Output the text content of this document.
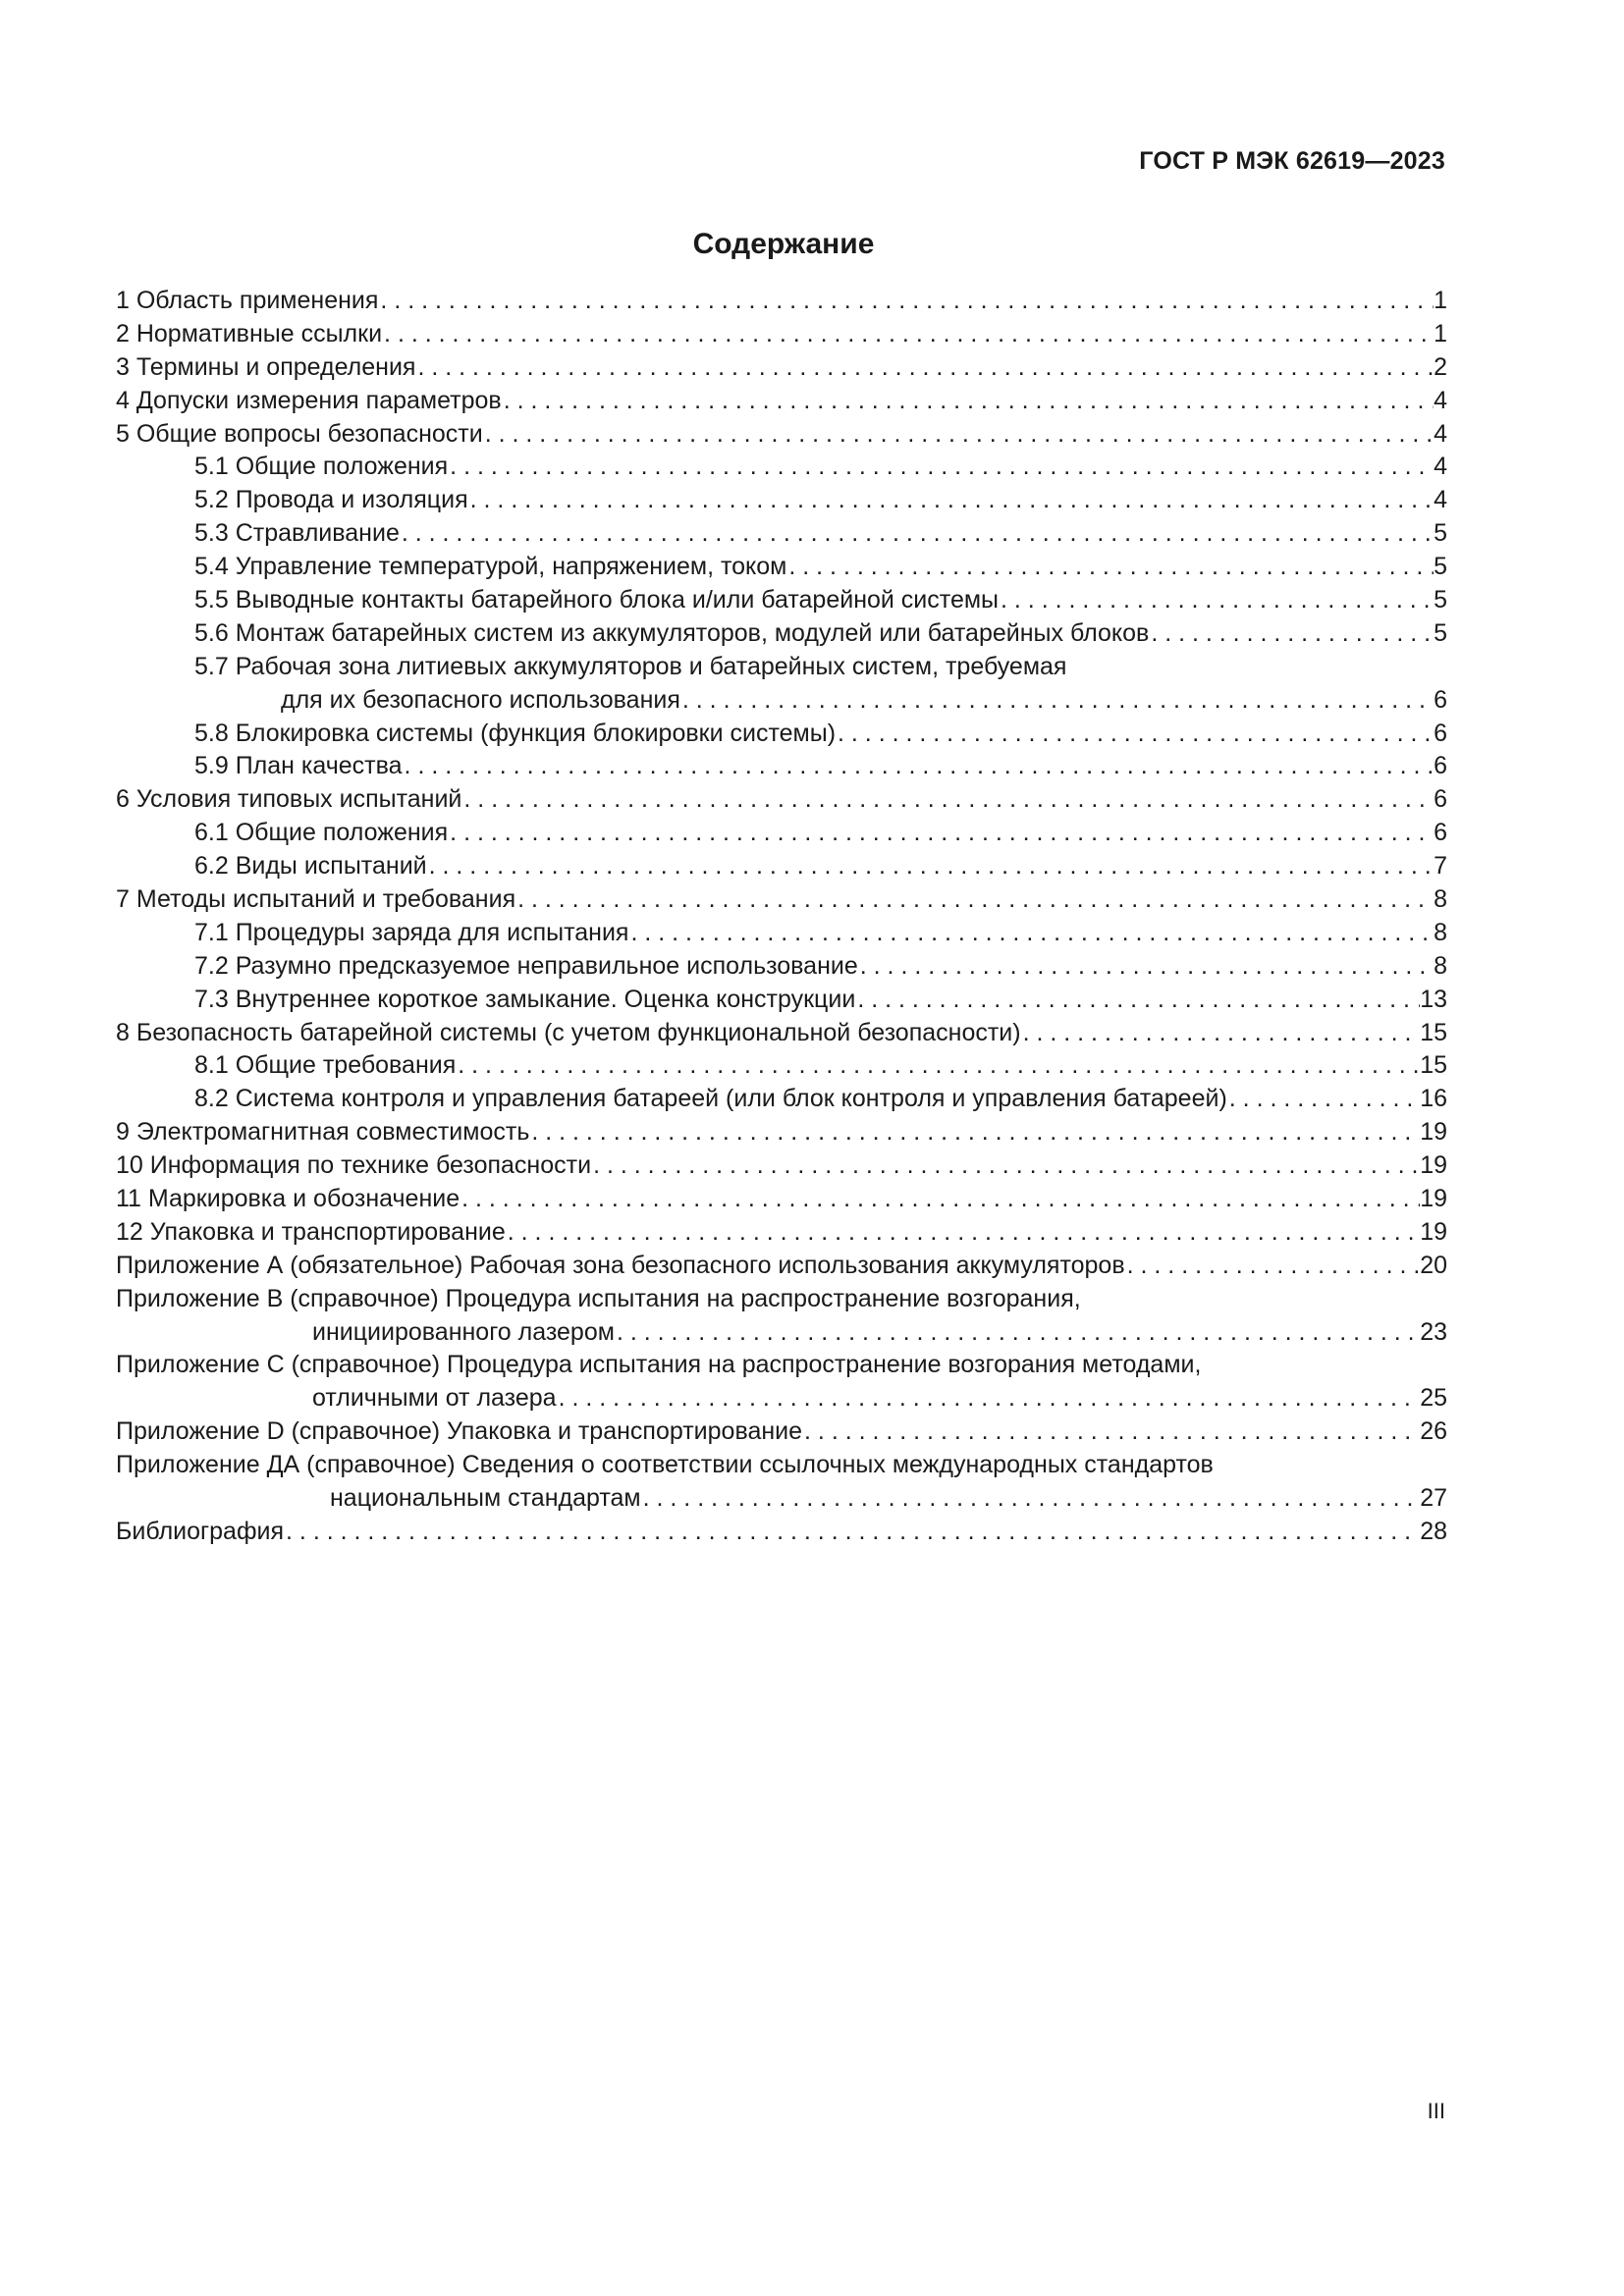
ГОСТ Р МЭК 62619—2023
Содержание
1 Область применения . . .	1
2 Нормативные ссылки . . .	1
3 Термины и определения . . .	2
4 Допуски измерения параметров . . .	4
5 Общие вопросы безопасности . . .	4
5.1 Общие положения . . .	4
5.2 Провода и изоляция . . .	4
5.3 Стравливание . . .	5
5.4 Управление температурой, напряжением, током . . .	5
5.5 Выводные контакты батарейного блока и/или батарейной системы . . .	5
5.6 Монтаж батарейных систем из аккумуляторов, модулей или батарейных блоков . . .	5
5.7 Рабочая зона литиевых аккумуляторов и батарейных систем, требуемая
для их безопасного использования . . .	6
5.8 Блокировка системы (функция блокировки системы) . . .	6
5.9 План качества . . .	6
6 Условия типовых испытаний . . .	6
6.1 Общие положения . . .	6
6.2 Виды испытаний . . .	7
7 Методы испытаний и требования . . .	8
7.1 Процедуры заряда для испытания . . .	8
7.2 Разумно предсказуемое неправильное использование . . .	8
7.3 Внутреннее короткое замыкание. Оценка конструкции . . .	13
8 Безопасность батарейной системы (с учетом функциональной безопасности) . . .	15
8.1 Общие требования . . .	15
8.2 Система контроля и управления батареей (или блок контроля и управления батареей) . . .	16
9 Электромагнитная совместимость . . .	19
10 Информация по технике безопасности . . .	19
11 Маркировка и обозначение . . .	19
12 Упаковка и транспортирование . . .	19
Приложение А (обязательное) Рабочая зона безопасного использования аккумуляторов . . .	20
Приложение В (справочное) Процедура испытания на распространение возгорания,
инициированного лазером . . .	23
Приложение С (справочное) Процедура испытания на распространение возгорания методами,
отличными от лазера . . .	25
Приложение D (справочное) Упаковка и транспортирование . . .	26
Приложение ДА (справочное) Сведения о соответствии ссылочных международных стандартов
национальным стандартам . . .	27
Библиография . . .	28
III
